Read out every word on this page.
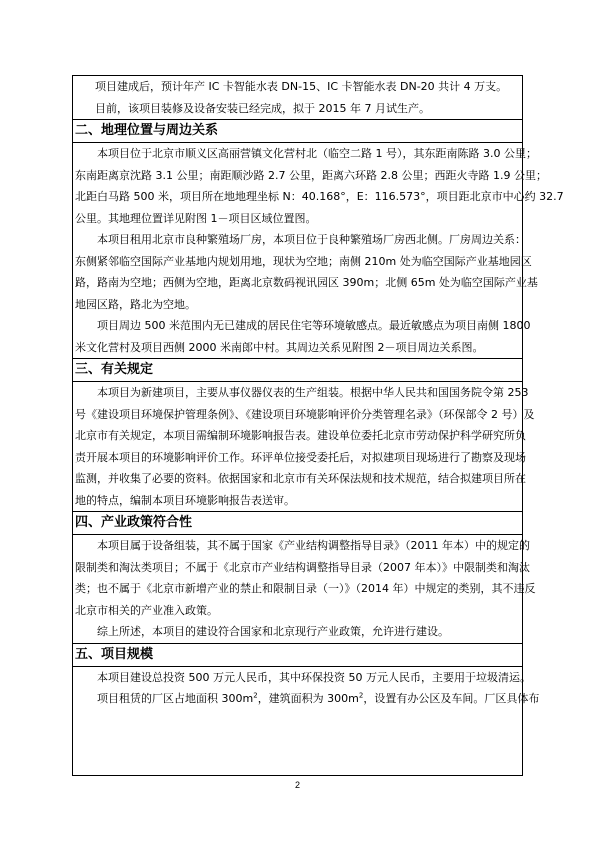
项目建成后，预计年产 IC 卡智能水表 DN-15、IC 卡智能水表 DN-20 共计 4 万支。
目前，该项目装修及设备安装已经完成，拟于 2015 年 7 月试生产。
二、地理位置与周边关系
本项目位于北京市顺义区高丽营镇文化营村北（临空二路 1 号），其东距南陈路 3.0 公里；
东南距离京沈路 3.1 公里；南距顺沙路 2.7 公里，距离六环路 2.8 公里；西距火寺路 1.9 公里；
北距白马路 500 米，项目所在地地理坐标 N：40.168°，E：116.573°，项目距北京市中心约 32.7
公里。其地理位置详见附图 1－项目区域位置图。
本项目租用北京市良种繁殖场厂房，本项目位于良种繁殖场厂房西北侧。厂房周边关系：
东侧紧邻临空国际产业基地内规划用地，现状为空地；南侧 210m 处为临空国际产业基地园区
路，路南为空地；西侧为空地，距离北京数码视讯园区 390m；北侧 65m 处为临空国际产业基
地园区路，路北为空地。
项目周边 500 米范围内无已建成的居民住宅等环境敏感点。最近敏感点为项目南侧 1800
米文化营村及项目西侧 2000 米南郎中村。其周边关系见附图 2－项目周边关系图。
三、有关规定
本项目为新建项目，主要从事仪器仪表的生产组装。根据中华人民共和国国务院令第 253
号《建设项目环境保护管理条例》、《建设项目环境影响评价分类管理名录》（环保部令 2 号）及
北京市有关规定，本项目需编制环境影响报告表。建设单位委托北京市劳动保护科学研究所负
责开展本项目的环境影响评价工作。环评单位接受委托后，对拟建项目现场进行了勘察及现场
监测，并收集了必要的资料。依据国家和北京市有关环保法规和技术规范，结合拟建项目所在
地的特点，编制本项目环境影响报告表送审。
四、产业政策符合性
本项目属于设备组装，其不属于国家《产业结构调整指导目录》（2011 年本）中的规定的
限制类和淘汰类项目；不属于《北京市产业结构调整指导目录（2007 年本）》中限制类和淘汰
类；也不属于《北京市新增产业的禁止和限制目录（一）》（2014 年）中规定的类别，其不违反
北京市相关的产业准入政策。
综上所述，本项目的建设符合国家和北京现行产业政策，允许进行建设。
五、项目规模
本项目建设总投资 500 万元人民币，其中环保投资 50 万元人民币，主要用于垃圾清运。
项目租赁的厂区占地面积 $300m^2$，建筑面积为 $300m^2$，设置有办公区及车间。厂区具体布
2
